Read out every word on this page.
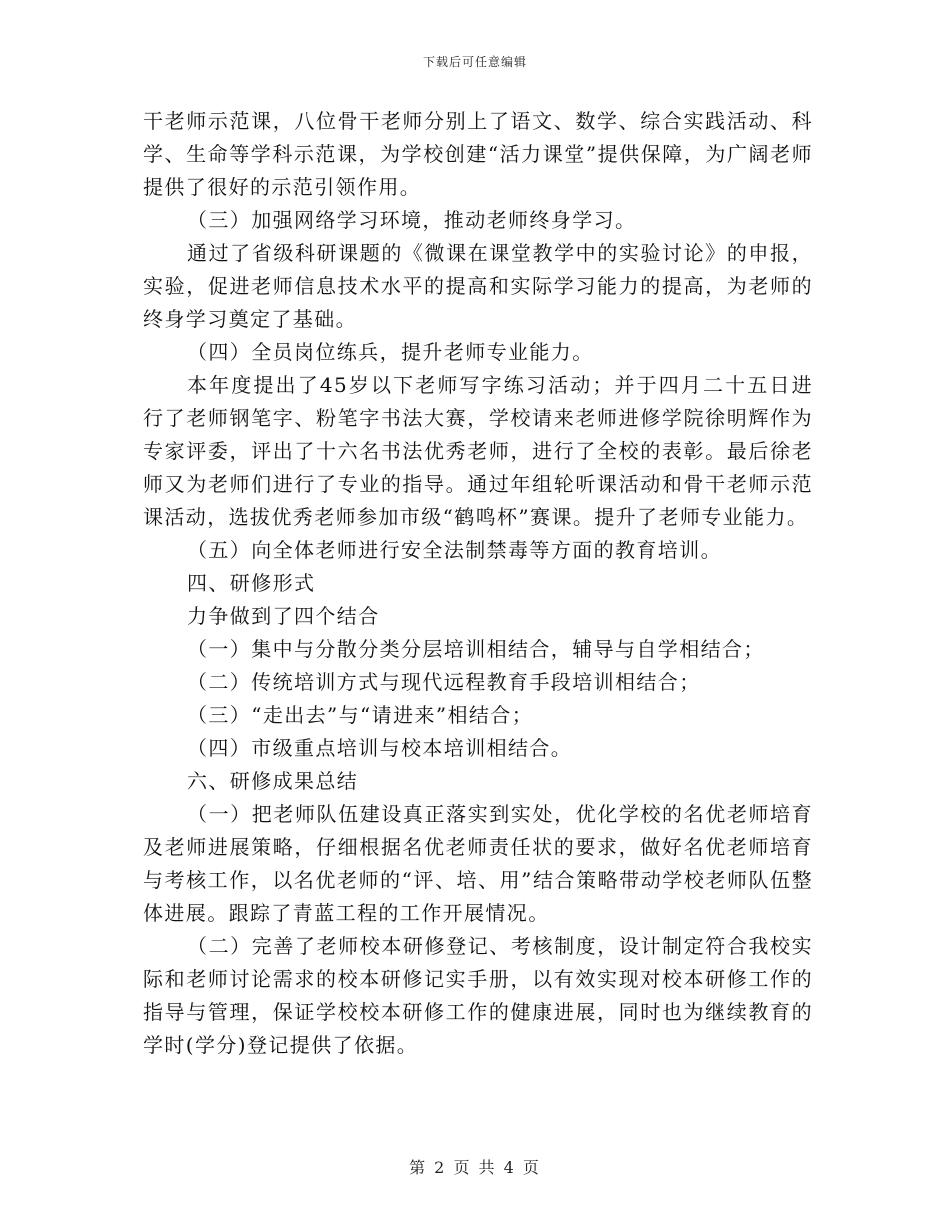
下载后可任意编辑

干老师示范课，八位骨干老师分别上了语文、数学、综合实践活动、科学、生命等学科示范课，为学校创建“活力课堂”提供保障，为广阔老师提供了很好的示范引领作用。

（三）加强网络学习环境，推动老师终身学习。

通过了省级科研课题的《微课在课堂教学中的实验讨论》的申报，实验，促进老师信息技术水平的提高和实际学习能力的提高，为老师的终身学习奠定了基础。

（四）全员岗位练兵，提升老师专业能力。

本年度提出了45岁以下老师写字练习活动；并于四月二十五日进行了老师钢笔字、粉笔字书法大赛，学校请来老师进修学院徐明辉作为专家评委，评出了十六名书法优秀老师，进行了全校的表彰。最后徐老师又为老师们进行了专业的指导。通过年组轮听课活动和骨干老师示范课活动，选拔优秀老师参加市级“鹤鸣杯”赛课。提升了老师专业能力。

（五）向全体老师进行安全法制禁毒等方面的教育培训。

四、研修形式

力争做到了四个结合

（一）集中与分散分类分层培训相结合，辅导与自学相结合；

（二）传统培训方式与现代远程教育手段培训相结合；

（三）“走出去”与“请进来”相结合；

（四）市级重点培训与校本培训相结合。

六、研修成果总结

（一）把老师队伍建设真正落实到实处，优化学校的名优老师培育及老师进展策略，仔细根据名优老师责任状的要求，做好名优老师培育与考核工作，以名优老师的“评、培、用”结合策略带动学校老师队伍整体进展。跟踪了青蓝工程的工作开展情况。

（二）完善了老师校本研修登记、考核制度，设计制定符合我校实际和老师讨论需求的校本研修记实手册，以有效实现对校本研修工作的指导与管理，保证学校校本研修工作的健康进展，同时也为继续教育的学时(学分)登记提供了依据。

第 2 页 共 4 页
